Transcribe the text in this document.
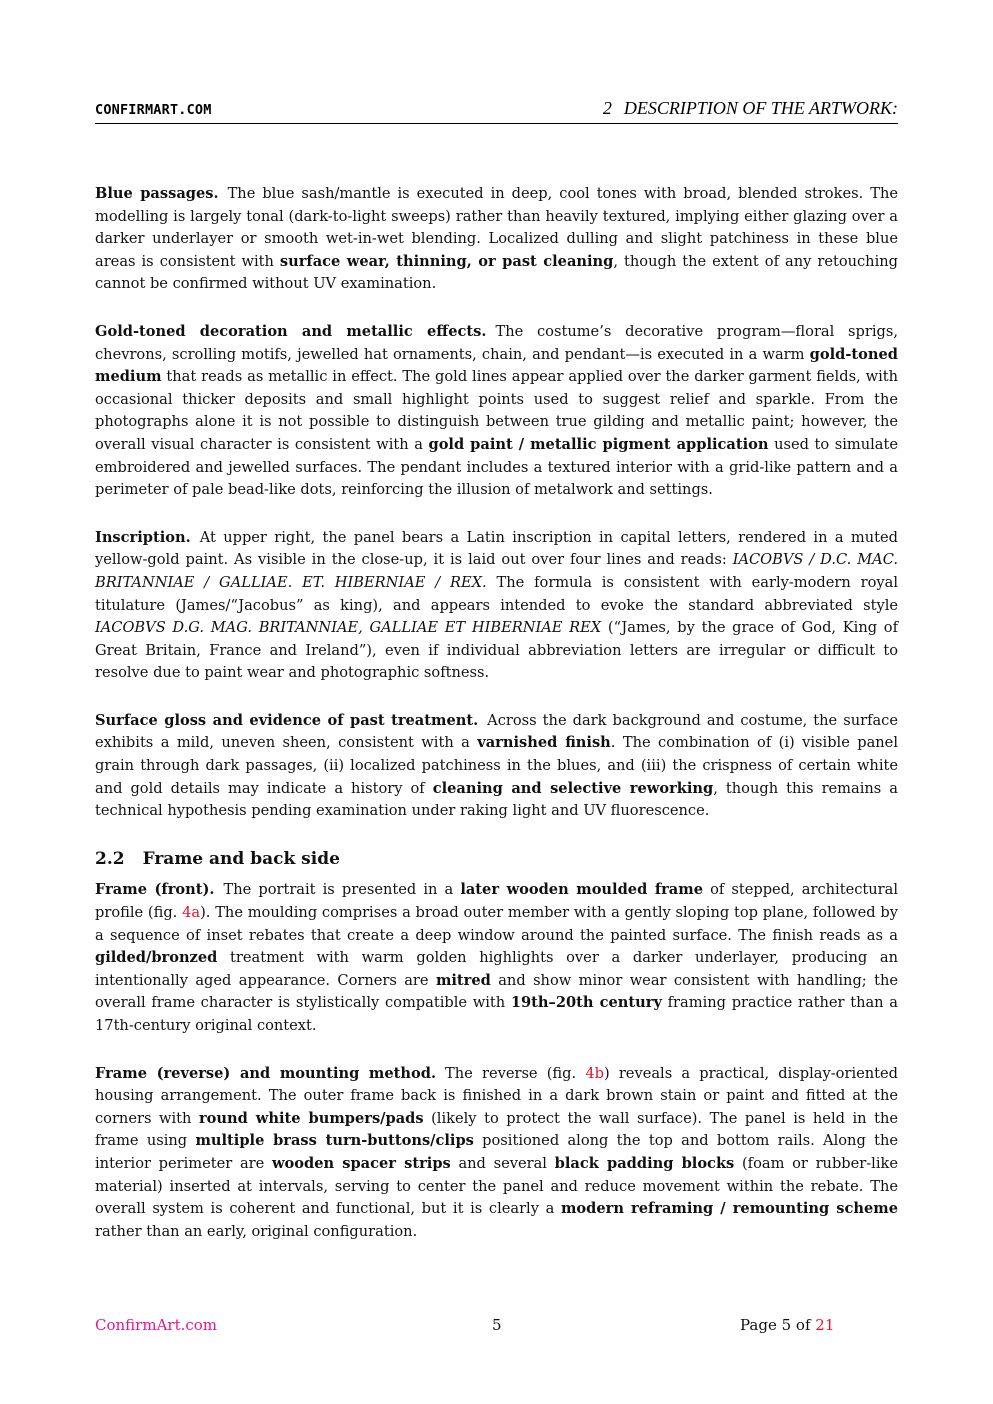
CONFIRMART.COM	2 DESCRIPTION OF THE ARTWORK:

Blue passages. The blue sash/mantle is executed in deep, cool tones with broad, blended strokes. The modelling is largely tonal (dark-to-light sweeps) rather than heavily textured, implying either glazing over a darker underlayer or smooth wet-in-wet blending. Localized dulling and slight patchiness in these blue areas is consistent with surface wear, thinning, or past cleaning, though the extent of any retouching cannot be confirmed without UV examination.

Gold-toned decoration and metallic effects. The costume’s decorative program—floral sprigs, chevrons, scrolling motifs, jewelled hat ornaments, chain, and pendant—is executed in a warm gold-toned medium that reads as metallic in effect. The gold lines appear applied over the darker garment fields, with occasional thicker deposits and small highlight points used to suggest relief and sparkle. From the photographs alone it is not possible to distinguish between true gilding and metallic paint; however, the overall visual character is consistent with a gold paint / metallic pigment application used to simulate embroidered and jewelled surfaces. The pendant includes a textured interior with a grid-like pattern and a perimeter of pale bead-like dots, reinforcing the illusion of metalwork and settings.

Inscription. At upper right, the panel bears a Latin inscription in capital letters, rendered in a muted yellow-gold paint. As visible in the close-up, it is laid out over four lines and reads: IACOBVS / D.C. MAC. BRITANNIAE / GALLIAE. ET. HIBERNIAE / REX. The formula is consistent with early-modern royal titulature (James/“Jacobus” as king), and appears intended to evoke the standard abbreviated style IACOBVS D.G. MAG. BRITANNIAE, GALLIAE ET HIBERNIAE REX (“James, by the grace of God, King of Great Britain, France and Ireland”), even if individual abbreviation letters are irregular or difficult to resolve due to paint wear and photographic softness.

Surface gloss and evidence of past treatment. Across the dark background and costume, the surface exhibits a mild, uneven sheen, consistent with a varnished finish. The combination of (i) visible panel grain through dark passages, (ii) localized patchiness in the blues, and (iii) the crispness of certain white and gold details may indicate a history of cleaning and selective reworking, though this remains a technical hypothesis pending examination under raking light and UV fluorescence.

2.2 Frame and back side

Frame (front). The portrait is presented in a later wooden moulded frame of stepped, architectural profile (fig. 4a). The moulding comprises a broad outer member with a gently sloping top plane, followed by a sequence of inset rebates that create a deep window around the painted surface. The finish reads as a gilded/bronzed treatment with warm golden highlights over a darker underlayer, producing an intentionally aged appearance. Corners are mitred and show minor wear consistent with handling; the overall frame character is stylistically compatible with 19th–20th century framing practice rather than a 17th-century original context.

Frame (reverse) and mounting method. The reverse (fig. 4b) reveals a practical, display-oriented housing arrangement. The outer frame back is finished in a dark brown stain or paint and fitted at the corners with round white bumpers/pads (likely to protect the wall surface). The panel is held in the frame using multiple brass turn-buttons/clips positioned along the top and bottom rails. Along the interior perimeter are wooden spacer strips and several black padding blocks (foam or rubber-like material) inserted at intervals, serving to center the panel and reduce movement within the rebate. The overall system is coherent and functional, but it is clearly a modern reframing / remounting scheme rather than an early, original configuration.

ConfirmArt.com	5	Page 5 of 21
